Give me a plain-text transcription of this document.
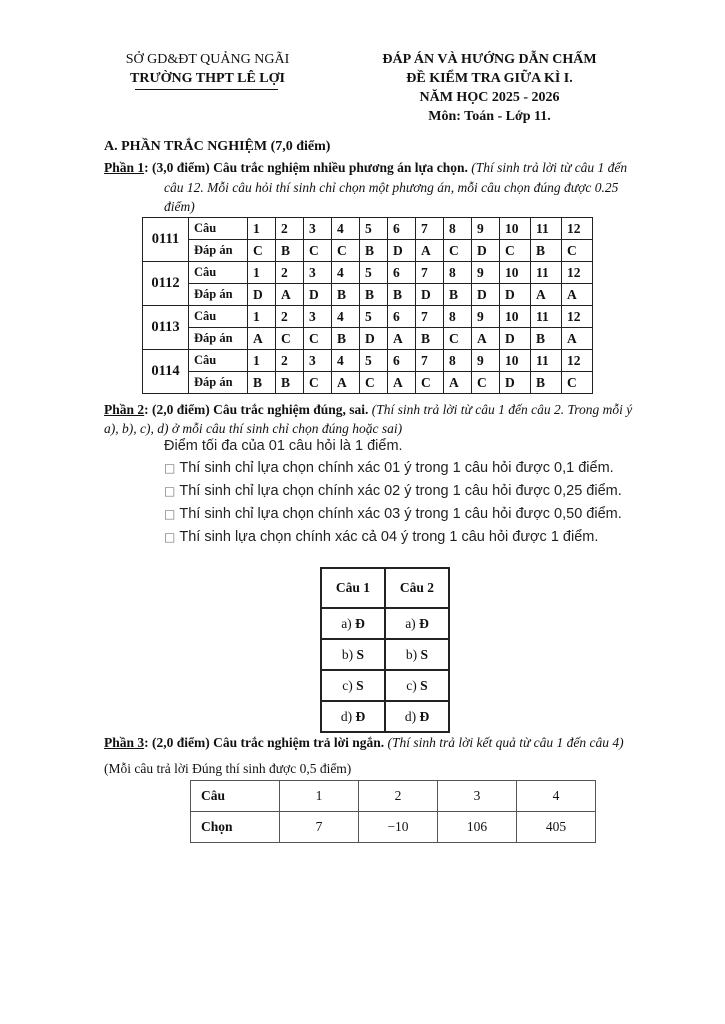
SỞ GD&ĐT QUẢNG NGÃI
TRƯỜNG THPT LÊ LỢI
ĐÁP ÁN VÀ HƯỚNG DẪN CHẤM
ĐỀ KIỂM TRA GIỮA KÌ I.
NĂM HỌC 2025 - 2026
Môn: Toán - Lớp 11.
A. PHẦN TRẮC NGHIỆM (7,0 điểm)
Phần 1: (3,0 điểm) Câu trắc nghiệm nhiều phương án lựa chọn. (Thí sinh trả lời từ câu 1 đến
câu 12. Mỗi câu hỏi thí sinh chỉ chọn một phương án, mỗi câu chọn đúng được 0.25
điểm)
0111	Câu	1	2	3	4	5	6	7	8	9	10	11	12
	Đáp án	C	B	C	C	B	D	A	C	D	C	B	C
0112	Câu	1	2	3	4	5	6	7	8	9	10	11	12
	Đáp án	D	A	D	B	B	B	D	B	D	D	A	A
0113	Câu	1	2	3	4	5	6	7	8	9	10	11	12
	Đáp án	A	C	C	B	D	A	B	C	A	D	B	A
0114	Câu	1	2	3	4	5	6	7	8	9	10	11	12
	Đáp án	B	B	C	A	C	A	C	A	C	D	B	C
Phần 2: (2,0 điểm) Câu trắc nghiệm đúng, sai. (Thí sinh trả lời từ câu 1 đến câu 2. Trong mỗi ý
a), b), c), d) ở mỗi câu thí sinh chỉ chọn đúng hoặc sai)
Điểm tối đa của 01 câu hỏi là 1 điểm.
□ Thí sinh chỉ lựa chọn chính xác 01 ý trong 1 câu hỏi được 0,1 điểm.
□ Thí sinh chỉ lựa chọn chính xác 02 ý trong 1 câu hỏi được 0,25 điểm.
□ Thí sinh chỉ lựa chọn chính xác 03 ý trong 1 câu hỏi được 0,50 điểm.
□ Thí sinh lựa chọn chính xác cả 04 ý trong 1 câu hỏi được 1 điểm.
Câu 1	Câu 2
a) Đ	a) Đ
b) S	b) S
c) S	c) S
d) Đ	d) Đ
Phần 3: (2,0 điểm) Câu trắc nghiệm trả lời ngắn. (Thí sinh trả lời kết quả từ câu 1 đến câu 4)
(Mỗi câu trả lời Đúng thí sinh được 0,5 điểm)
Câu	1	2	3	4
Chọn	7	−10	106	405
